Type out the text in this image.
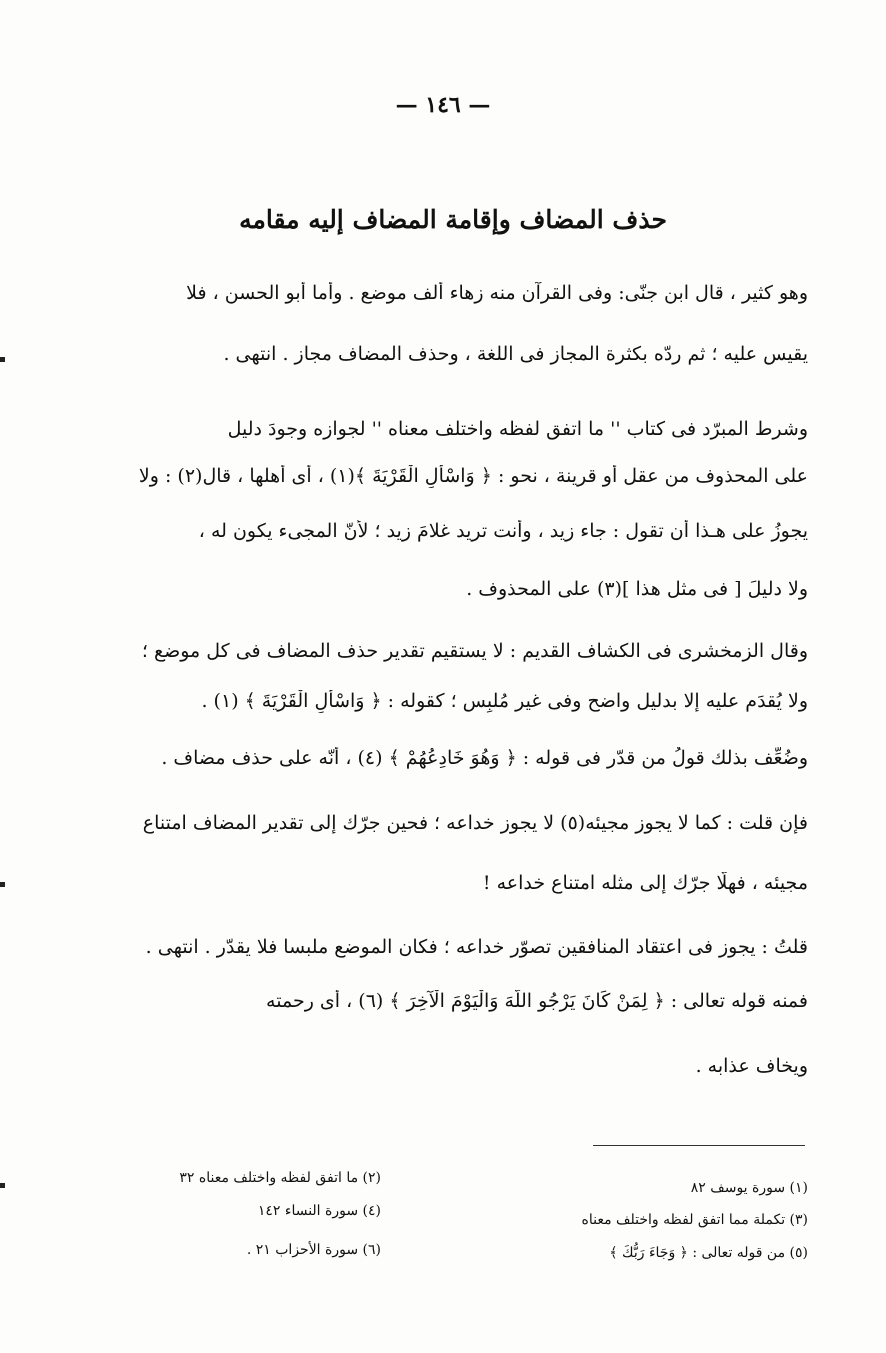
— ١٤٦ —
حذف المضاف وإقامة المضاف إليه مقامه
وهو كثير ، قال ابن جنّى: وفى القرآن منه زهاء ألف موضع . وأما أبو الحسن ، فلا
يقيس عليه ؛ ثم ردّه بكثرة المجاز فى اللغة ، وحذف المضاف مجاز . انتهى .
وشرط المبرّد فى كتاب '' ما اتفق لفظه واختلف معناه '' لجوازه وجودَ دليل
على المحذوف من عقل أو قرينة ، نحو : ﴿ وَاسْأَلِ الْقَرْيَةَ ﴾(١) ، أى أهلها ، قال(٢) : ولا
يجوزُ على هـذا أن تقول : جاء زيد ، وأنت تريد غلامَ زيد ؛ لأنّ المجىء يكون له ،
ولا دليلَ [ فى مثل هذا ](٣) على المحذوف .
وقال الزمخشرى فى الكشاف القديم : لا يستقيم تقدير حذف المضاف فى كل موضع ؛
ولا يُقدَم عليه إلا بدليل واضح وفى غير مُلبِس ؛ كقوله : ﴿ وَاسْأَلِ الْقَرْيَةَ ﴾ (١) .
وضُعِّف بذلك قولُ من قدّر فى قوله : ﴿ وَهُوَ خَادِعُهُمْ ﴾ (٤) ، أنّه على حذف مضاف .
فإن قلت : كما لا يجوز مجيئه(٥) لا يجوز خداعه ؛ فحين جرّك إلى تقدير المضاف امتناع
مجيئه ، فهلّا جرّك إلى مثله امتناع خداعه !
قلتُ : يجوز فى اعتقاد المنافقين تصوّر خداعه ؛ فكان الموضع ملبسا فلا يقدّر . انتهى .
فمنه قوله تعالى : ﴿ لِمَنْ كَانَ يَرْجُو اللَّهَ وَالْيَوْمَ الْآخِرَ ﴾ (٦) ، أى رحمته
ويخاف عذابه .
(١) سورة يوسف ٨٢
(٣) تكملة مما اتفق لفظه واختلف معناه
(٥) من قوله تعالى : ﴿ وَجَاءَ رَبُّكَ ﴾
(٢) ما اتفق لفظه واختلف معناه ٣٢
(٤) سورة النساء ١٤٢
(٦) سورة الأحزاب ٢١ .
